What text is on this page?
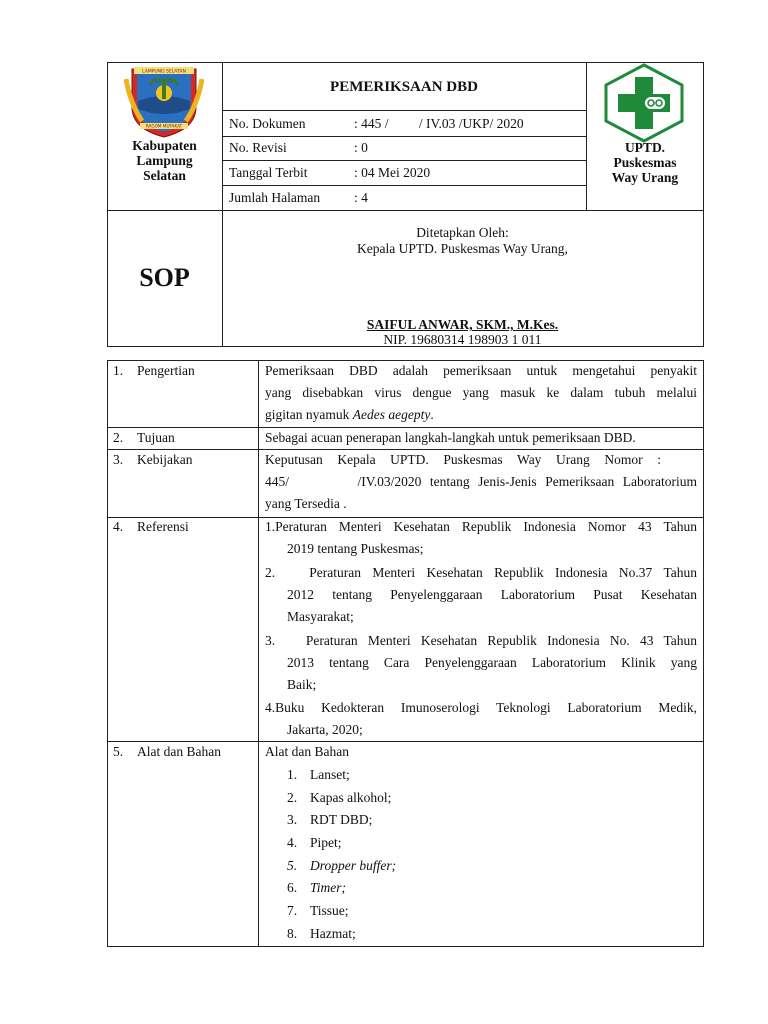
LAMPUNG SELATAN
RAGOM MUFAKAT
Kabupaten
Lampung
Selatan
PEMERIKSAAN DBD
No. Dokumen	: 445 /         / IV.03 /UKP/ 2020
No. Revisi	: 0
Tanggal Terbit	: 04 Mei 2020
Jumlah Halaman	: 4
UPTD.
Puskesmas
Way Urang
SOP
Ditetapkan Oleh:
Kepala UPTD. Puskesmas Way Urang,
SAIFUL ANWAR, SKM., M.Kes.
NIP. 19680314 198903 1 011
1. Pengertian	Pemeriksaan DBD adalah pemeriksaan untuk mengetahui penyakit
yang disebabkan virus dengue yang masuk ke dalam tubuh melalui
gigitan nyamuk Aedes aegepty.
2. Tujuan	Sebagai acuan penerapan langkah-langkah untuk pemeriksaan DBD.
3. Kebijakan	Keputusan Kepala UPTD. Puskesmas Way Urang Nomor :
445/        /IV.03/2020 tentang Jenis-Jenis Pemeriksaan Laboratorium
yang Tersedia .
4. Referensi	1.Peraturan Menteri Kesehatan Republik Indonesia Nomor 43 Tahun
2019 tentang Puskesmas;
2.   Peraturan Menteri Kesehatan Republik Indonesia No.37 Tahun
2012 tentang Penyelenggaraan Laboratorium Pusat Kesehatan
Masyarakat;
3.   Peraturan Menteri Kesehatan Republik Indonesia No. 43 Tahun
2013 tentang Cara Penyelenggaraan Laboratorium Klinik yang
Baik;
4.Buku Kedokteran Imunoserologi Teknologi Laboratorium Medik,
Jakarta, 2020;
5. Alat dan Bahan	Alat dan Bahan
1. Lanset;
2. Kapas alkohol;
3. RDT DBD;
4. Pipet;
5. Dropper buffer;
6. Timer;
7. Tissue;
8. Hazmat;
